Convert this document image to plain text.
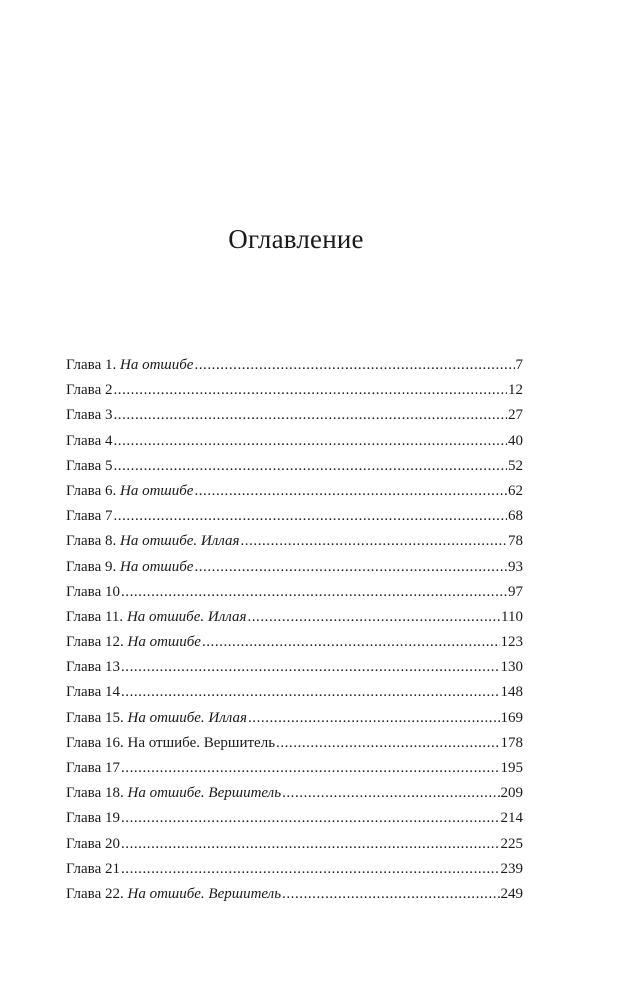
Оглавление
Глава 1. На отшибе . . .	7
Глава 2 . . .	12
Глава 3 . . .	27
Глава 4 . . .	40
Глава 5 . . .	52
Глава 6. На отшибе . . .	62
Глава 7 . . .	68
Глава 8. На отшибе. Иллая . . .	78
Глава 9. На отшибе . . .	93
Глава 10 . . .	97
Глава 11. На отшибе. Иллая . . .	110
Глава 12. На отшибе . . .	123
Глава 13 . . .	130
Глава 14 . . .	148
Глава 15. На отшибе. Иллая . . .	169
Глава 16. На отшибе. Вершитель . . .	178
Глава 17 . . .	195
Глава 18. На отшибе. Вершитель . . .	209
Глава 19 . . .	214
Глава 20 . . .	225
Глава 21 . . .	239
Глава 22. На отшибе. Вершитель . . .	249
